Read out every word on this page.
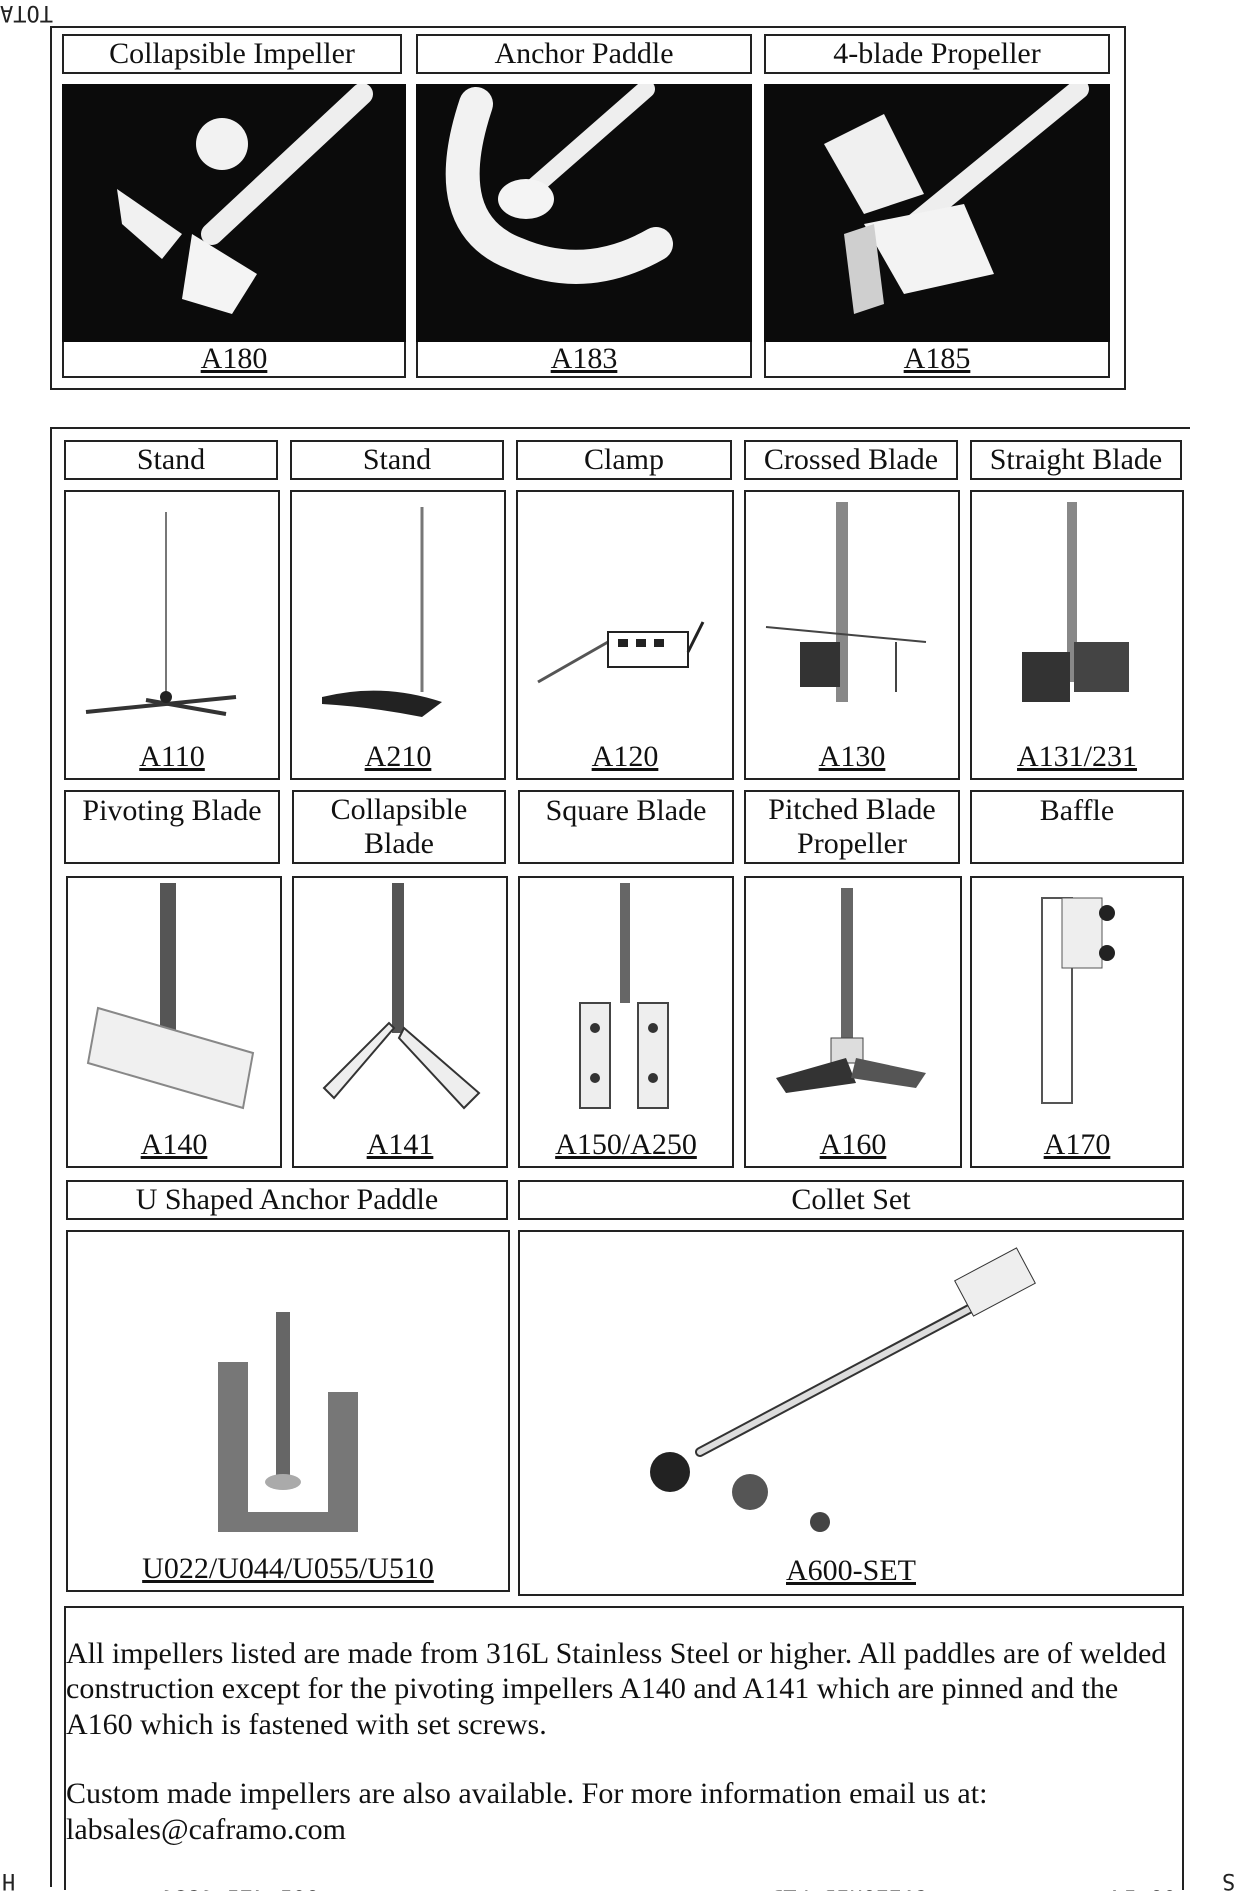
TOTA
H	S
Collapsible Impeller
A180
Anchor Paddle
A183
4-blade Propeller
A185
Stand	Stand	Clamp	Crossed Blade	Straight Blade
A110	A210	A120	A130	A131/231
Pivoting Blade	Collapsible Blade
Square Blade	Pitched Blade Propeller
Baffle
A140	A141	A150/A250	A160	A170
U Shaped Anchor Paddle	Collet Set
U022/U044/U055/U510	A600-SET

All impellers listed are made from 316L Stainless Steel or higher. All paddles are of welded construction except for the pivoting impellers A140 and A141 which are pinned and the A160 which is fastened with set screws.

Custom made impellers are also available. For more information email us at:

labsales@caframo.com
